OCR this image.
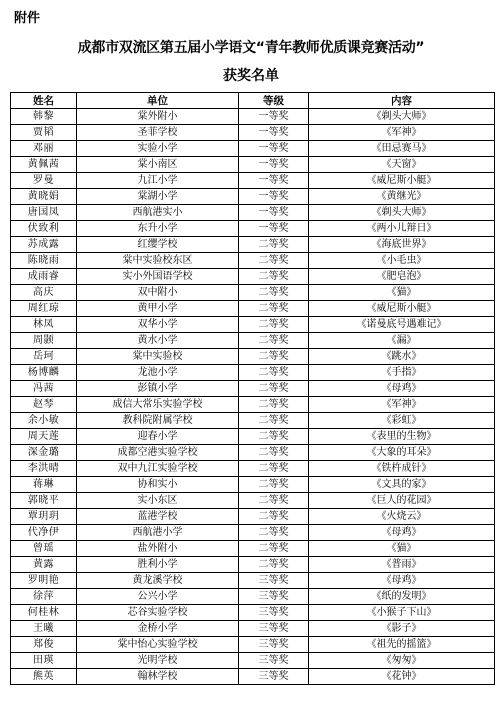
附件
成都市双流区第五届小学语文“青年教师优质课竞赛活动”
获奖名单
姓名	单位	等级	内容
韩黎	棠外附小	一等奖	《剃头大师》
贾韬	圣菲学校	一等奖	《军神》
邓丽	实验小学	一等奖	《田忌赛马》
黄佩茜	棠小南区	一等奖	《天窗》
罗曼	九江小学	一等奖	《威尼斯小艇》
黄晓娟	棠湖小学	一等奖	《黄继光》
唐国凤	西航港实小	一等奖	《剃头大师》
伏致利	东升小学	一等奖	《两小儿辩日》
苏成露	红缨学校	二等奖	《海底世界》
陈晓雨	棠中实验校东区	二等奖	《小毛虫》
成雨睿	实小外国语学校	二等奖	《肥皂泡》
高庆	双中附小	二等奖	《猫》
周红琼	黄甲小学	二等奖	《威尼斯小艇》
林凤	双华小学	二等奖	《诺曼底号遇难记》
周颢	黄水小学	二等奖	《漏》
岳珂	棠中实验校	二等奖	《跳水》
杨博麟	龙池小学	二等奖	《手指》
冯茜	彭镇小学	二等奖	《母鸡》
赵琴	成信大常乐实验学校	二等奖	《军神》
余小敏	教科院附属学校	二等奖	《彩虹》
周天莲	迎春小学	二等奖	《表里的生物》
深金璐	成都空港实验学校	二等奖	《大象的耳朵》
李洪晴	双中九江实验学校	二等奖	《铁杵成针》
蒋琳	协和实小	二等奖	《文具的家》
郭晓平	实小东区	二等奖	《巨人的花园》
覃玥玥	蓝港学校	二等奖	《火烧云》
代净伊	西航港小学	二等奖	《母鸡》
曾瑶	盐外附小	二等奖	《猫》
黄露	胜利小学	二等奖	《普雨》
罗明艳	黄龙溪学校	三等奖	《母鸡》
徐萍	公兴小学	三等奖	《纸的发明》
何桂林	芯谷实验学校	三等奖	《小猴子下山》
王曦	金桥小学	三等奖	《影子》
郑俊	棠中怡心实验学校	三等奖	《祖先的摇篮》
田瑛	光明学校	三等奖	《匆匆》
熊英	翰林学校	三等奖	《花钟》
